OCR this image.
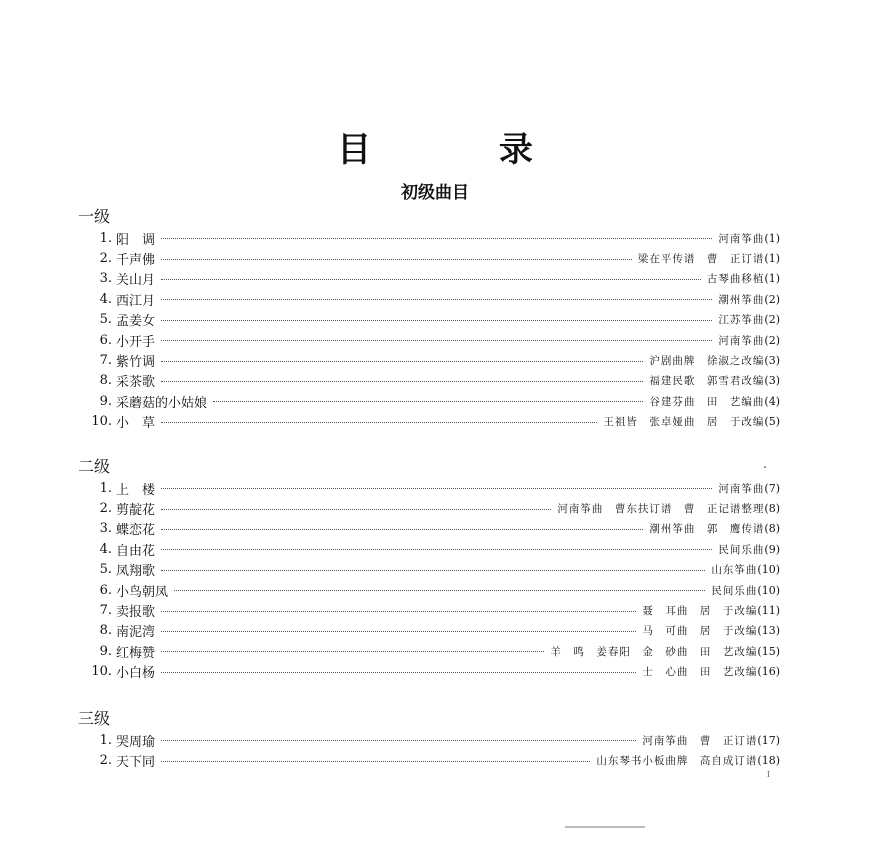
目 录
初级曲目
一级
1. 阳　调	河南筝曲 (1)
2. 千声佛	梁在平传谱　曹　正订谱 (1)
3. 关山月	古琴曲移植 (1)
4. 西江月	潮州筝曲 (2)
5. 孟姜女	江苏筝曲 (2)
6. 小开手	河南筝曲 (2)
7. 紫竹调	沪剧曲牌　徐淑之改编 (3)
8. 采茶歌	福建民歌　郭雪君改编 (3)
9. 采蘑菇的小姑娘	谷建芬曲　田　艺编曲 (4)
10. 小　草	王祖皆　张卓娅曲　居　于改编 (5)
二级
1. 上　楼	河南筝曲 (7)
2. 剪靛花	河南筝曲　曹东扶订谱　曹　正记谱整理 (8)
3. 蝶恋花	潮州筝曲　郭　鹰传谱 (8)
4. 自由花	民间乐曲 (9)
5. 凤翔歌	山东筝曲 (10)
6. 小鸟朝凤	民间乐曲 (10)
7. 卖报歌	聂　耳曲　居　于改编 (11)
8. 南泥湾	马　可曲　居　于改编 (13)
9. 红梅赞	羊　鸣　姜春阳　金　砂曲　田　艺改编 (15)
10. 小白杨	士　心曲　田　艺改编 (16)
三级
1. 哭周瑜	河南筝曲　曹　正订谱 (17)
2. 天下同	山东琴书小板曲牌　高自成订谱 (18)
I
